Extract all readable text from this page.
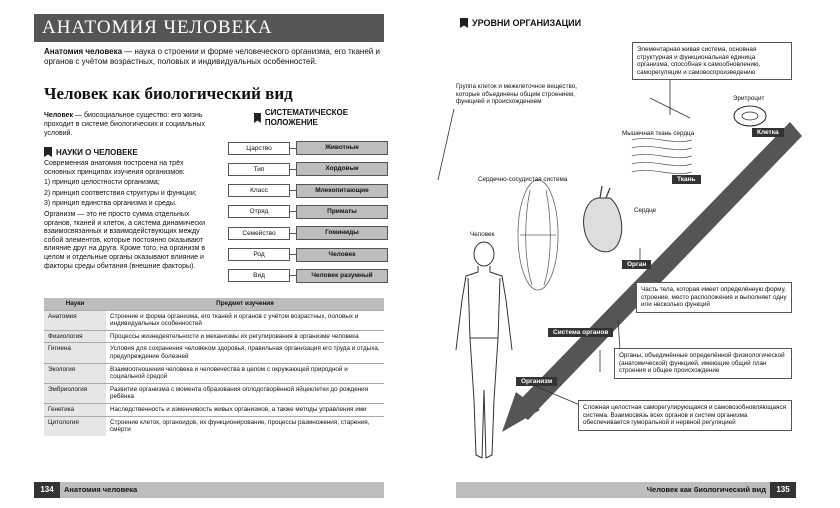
АНАТОМИЯ ЧЕЛОВЕКА
Анатомия человека — наука о строении и форме человеческого организма, его тканей и органов с учётом возрастных, половых и индивидуальных особенностей.
Человек как биологический вид
Человек — биосоциальное существо: его жизнь проходит в системе биологических и социальных условий.
СИСТЕМАТИЧЕСКОЕ ПОЛОЖЕНИЕ
Царство	Животные
Тип	Хордовые
Класс	Млекопитающие
Отряд	Приматы
Семейство	Гоминиды
Род	Человек
Вид	Человек разумный
НАУКИ О ЧЕЛОВЕКЕ

Современная анатомия построена на трёх основных принципах изучения организмов:

1) принцип целостности организма;

2) принцип соответствия структуры и функции;

3) принцип единства организма и среды.

Организм — это не просто сумма отдельных органов, тканей и клеток, а система динамически взаимосвязанных и взаимодействующих между собой элементов, которые постоянно оказывают влияние друг на друга. Кроме того, на организм в целом и отдельные органы оказывают влияние и факторы среды обитания (внешние факторы).

Науки	Предмет изучения
Анатомия	Строение и форма организма, его тканей и органов с учётом возрастных, половых и индивидуальных особенностей
Физиология	Процессы жизнедеятельности и механизмы их регулирования в организме человека
Гигиена	Условия для сохранения человеком здоровья, правильная организация его труда и отдыха, предупреждение болезней
Экология	Взаимоотношения человека и человечества в целом с окружающей природной и социальной средой
Эмбриология	Развитие организма с момента образования оплодотворённой яйцеклетки до рождения ребёнка
Генетика	Наследственность и изменчивость живых организмов, а также методы управления ими
Цитология	Строение клеток, органоидов, их функционирование, процессы размножения, старения, смерти
134	Анатомия человека
УРОВНИ ОРГАНИЗАЦИИ
Элементарная живая система, основная структурная и функциональная единица организма, способная к самообновлению, саморегуляции и самовоспроизведению
Группа клеток и межклеточное вещество, которые объединены общим строением, функцией и происхождением
Часть тела, которая имеет определённую форму, строение, место расположения и выполняет одну или несколько функций
Органы, объединённые определённой физиологической (анатомической) функцией, имеющие общий план строения и общее происхождение
Сложная целостная саморегулирующаяся и самовозобновляющаяся система. Взаимосвязь всех органов и систем организма обеспечивается гуморальной и нервной регуляцией
Эритроцит
Мышечная ткань сердца
Сердечно-сосудистая система
Сердце
Человек
Клетка
Ткань
Орган
Система органов
Организм
Человек как биологический вид	135
